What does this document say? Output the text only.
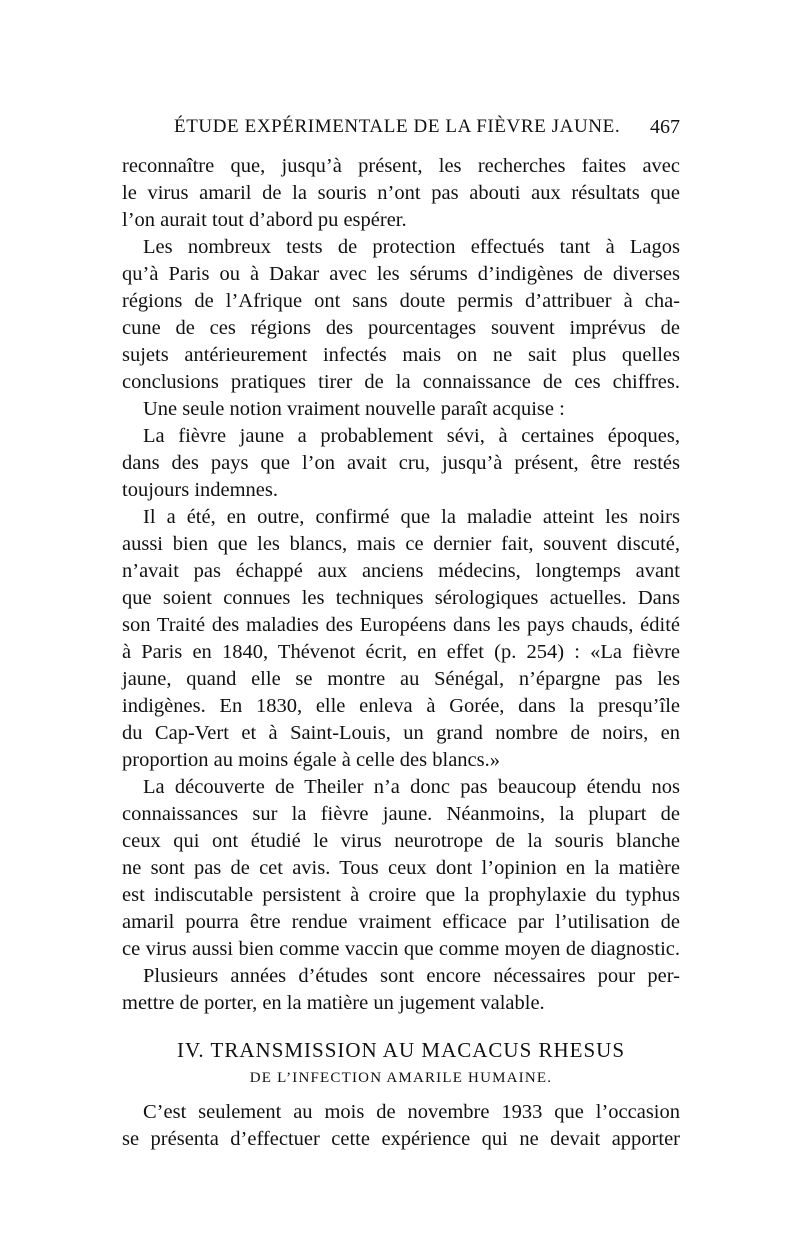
ÉTUDE EXPÉRIMENTALE DE LA FIÈVRE JAUNE. 467
reconnaître que, jusqu’à présent, les recherches faites avec
le virus amaril de la souris n’ont pas abouti aux résultats que
l’on aurait tout d’abord pu espérer.
Les nombreux tests de protection effectués tant à Lagos
qu’à Paris ou à Dakar avec les sérums d’indigènes de diverses
régions de l’Afrique ont sans doute permis d’attribuer à cha-
cune de ces régions des pourcentages souvent imprévus de
sujets antérieurement infectés mais on ne sait plus quelles
conclusions pratiques tirer de la connaissance de ces chiffres.
Une seule notion vraiment nouvelle paraît acquise :
La fièvre jaune a probablement sévi, à certaines époques,
dans des pays que l’on avait cru, jusqu’à présent, être restés
toujours indemnes.
Il a été, en outre, confirmé que la maladie atteint les noirs
aussi bien que les blancs, mais ce dernier fait, souvent discuté,
n’avait pas échappé aux anciens médecins, longtemps avant
que soient connues les techniques sérologiques actuelles. Dans
son Traité des maladies des Européens dans les pays chauds, édité
à Paris en 1840, Thévenot écrit, en effet (p. 254) : «La fièvre
jaune, quand elle se montre au Sénégal, n’épargne pas les
indigènes. En 1830, elle enleva à Gorée, dans la presqu’île
du Cap-Vert et à Saint-Louis, un grand nombre de noirs, en
proportion au moins égale à celle des blancs.»
La découverte de Theiler n’a donc pas beaucoup étendu nos
connaissances sur la fièvre jaune. Néanmoins, la plupart de
ceux qui ont étudié le virus neurotrope de la souris blanche
ne sont pas de cet avis. Tous ceux dont l’opinion en la matière
est indiscutable persistent à croire que la prophylaxie du typhus
amaril pourra être rendue vraiment efficace par l’utilisation de
ce virus aussi bien comme vaccin que comme moyen de diagnostic.
Plusieurs années d’études sont encore nécessaires pour per-
mettre de porter, en la matière un jugement valable.
IV. TRANSMISSION AU MACACUS RHESUS
DE L’INFECTION AMARILE HUMAINE.
C’est seulement au mois de novembre 1933 que l’occasion
se présenta d’effectuer cette expérience qui ne devait apporter
